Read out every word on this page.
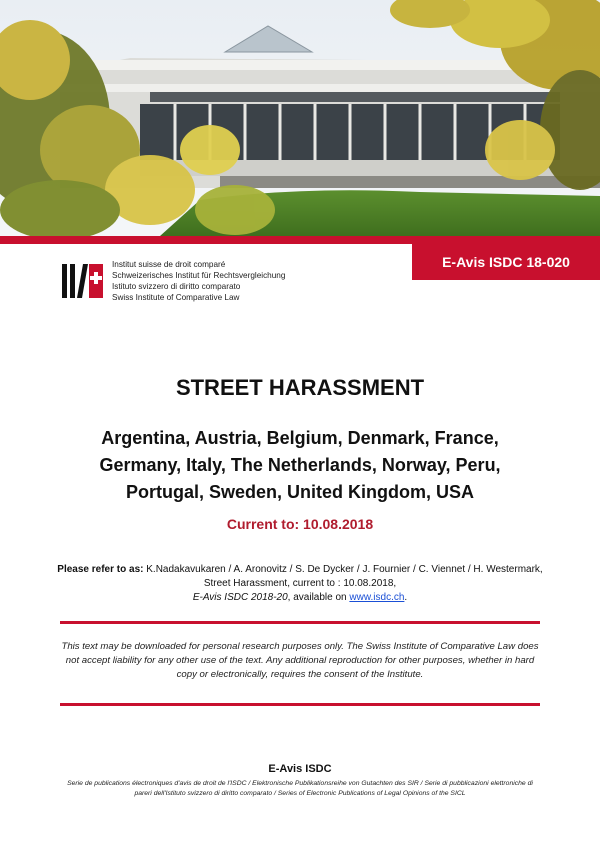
E-Avis ISDC 18-020
Institut suisse de droit comparé
Schweizerisches Institut für Rechtsvergleichung
Istituto svizzero di diritto comparato
Swiss Institute of Comparative Law
STREET HARASSMENT
Argentina, Austria, Belgium, Denmark, France,
Germany, Italy, The Netherlands, Norway, Peru,
Portugal, Sweden, United Kingdom, USA
Current to: 10.08.2018
Please refer to as: K.Nadakavukaren / A. Aronovitz / S. De Dycker / J. Fournier / C. Viennet / H. Westermark,
Street Harassment, current to : 10.08.2018,
E-Avis ISDC 2018-20, available on www.isdc.ch.
This text may be downloaded for personal research purposes only. The Swiss Institute of Comparative Law does not accept liability for any other use of the text. Any additional reproduction for other purposes, whether in hard copy or electronically, requires the consent of the Institute.
E-Avis ISDC
Serie de publications électroniques d'avis de droit de l'ISDC / Elektronische Publikationsreihe von Gutachten des SIR / Serie di pubblicazioni elettroniche di pareri dell'Istituto svizzero di diritto comparato / Series of Electronic Publications of Legal Opinions of the SICL
